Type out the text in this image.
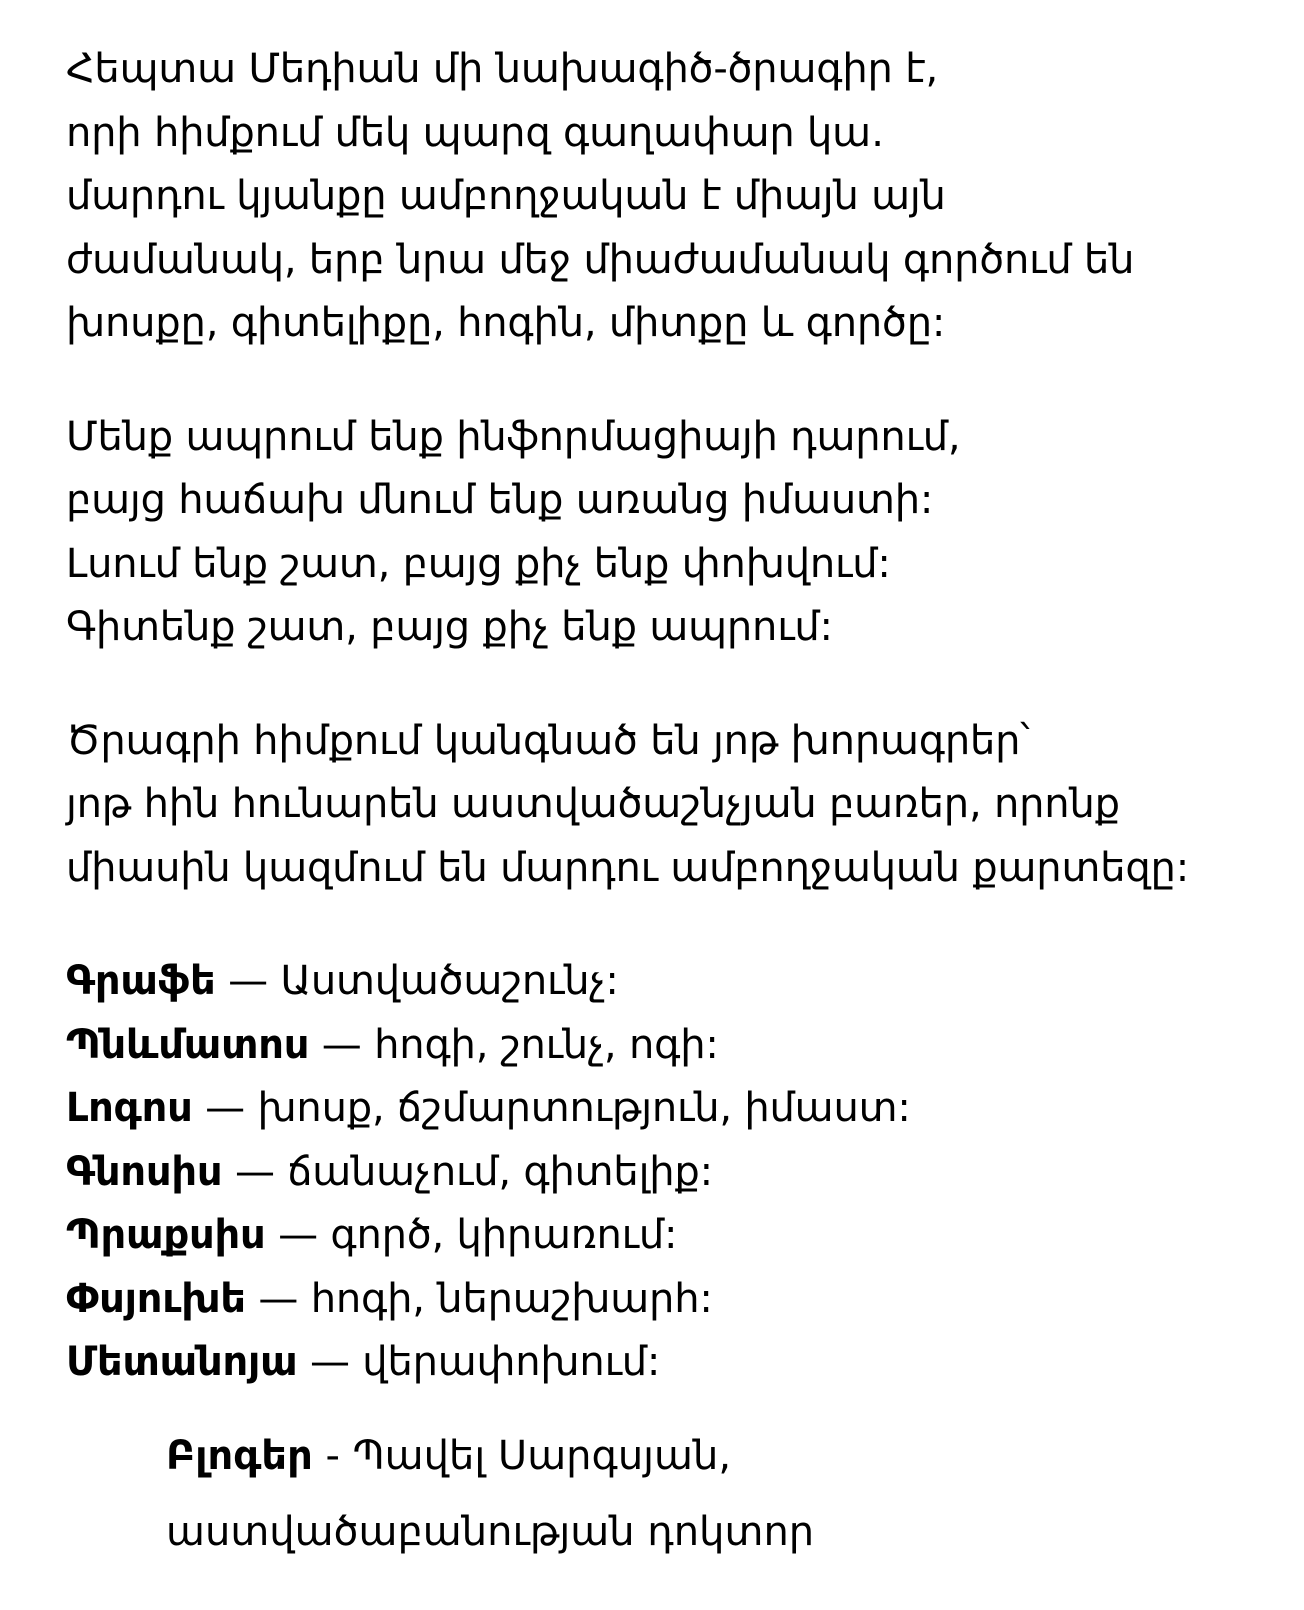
Հեպտա Մեդիան մի նախագիծ-ծրագիր է,
որի հիմքում մեկ պարզ գաղափար կա․
մարդու կյանքը ամբողջական է միայն այն
ժամանակ, երբ նրա մեջ միաժամանակ գործում են
խոսքը, գիտելիքը, հոգին, միտքը և գործը:

Մենք ապրում ենք ինֆորմացիայի դարում,
բայց հաճախ մնում ենք առանց իմաստի:
Լսում ենք շատ, բայց քիչ ենք փոխվում:
Գիտենք շատ, բայց քիչ ենք ապրում:

Ծրագրի հիմքում կանգնած են յոթ խորագրեր՝
յոթ հին հունարեն աստվածաշնչյան բառեր, որոնք
միասին կազմում են մարդու ամբողջական քարտեզը:

Գրաֆե — Աստվածաշունչ:
Պնևմատոս — հոգի, շունչ, ոգի:
Լոգոս — խոսք, ճշմարտություն, իմաստ:
Գնոսիս — ճանաչում, գիտելիք:
Պրաքսիս — գործ, կիրառում:
Փսյուխե — հոգի, ներաշխարհ:
Մետանոյա — վերափոխում:
Բլոգեր - Պավել Սարգսյան,
աստվածաբանության դոկտոր
